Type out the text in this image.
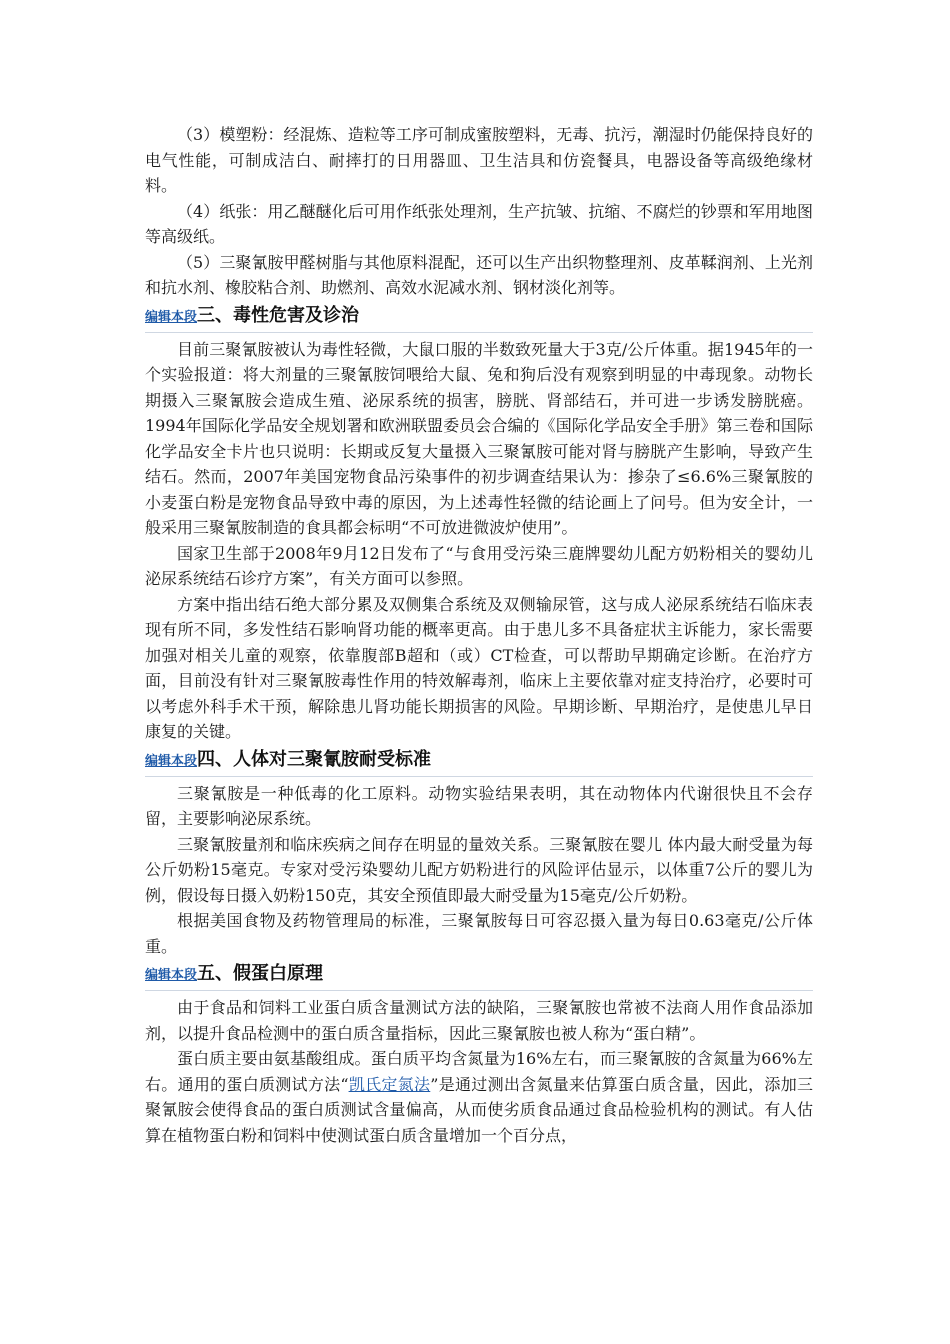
（3）模塑粉：经混炼、造粒等工序可制成蜜胺塑料，无毒、抗污，潮湿时仍能保持良好的电气性能，可制成洁白、耐摔打的日用器皿、卫生洁具和仿瓷餐具，电器设备等高级绝缘材料。

（4）纸张：用乙醚醚化后可用作纸张处理剂，生产抗皱、抗缩、不腐烂的钞票和军用地图等高级纸。

（5）三聚氰胺甲醛树脂与其他原料混配，还可以生产出织物整理剂、皮革鞣润剂、上光剂和抗水剂、橡胶粘合剂、助燃剂、高效水泥减水剂、钢材淡化剂等。

编辑本段 三、毒性危害及诊治

目前三聚氰胺被认为毒性轻微，大鼠口服的半数致死量大于3克/公斤体重。据1945年的一个实验报道：将大剂量的三聚氰胺饲喂给大鼠、兔和狗后没有观察到明显的中毒现象。动物长期摄入三聚氰胺会造成生殖、泌尿系统的损害，膀胱、肾部结石，并可进一步诱发膀胱癌。1994年国际化学品安全规划署和欧洲联盟委员会合编的《国际化学品安全手册》第三卷和国际化学品安全卡片也只说明：长期或反复大量摄入三聚氰胺可能对肾与膀胱产生影响，导致产生结石。然而，2007年美国宠物食品污染事件的初步调查结果认为：掺杂了≤6.6%三聚氰胺的小麦蛋白粉是宠物食品导致中毒的原因，为上述毒性轻微的结论画上了问号。但为安全计，一般采用三聚氰胺制造的食具都会标明“不可放进微波炉使用”。

国家卫生部于2008年9月12日发布了“与食用受污染三鹿牌婴幼儿配方奶粉相关的婴幼儿泌尿系统结石诊疗方案”，有关方面可以参照。

方案中指出结石绝大部分累及双侧集合系统及双侧输尿管，这与成人泌尿系统结石临床表现有所不同，多发性结石影响肾功能的概率更高。由于患儿多不具备症状主诉能力，家长需要加强对相关儿童的观察，依靠腹部B超和（或）CT检查，可以帮助早期确定诊断。在治疗方面，目前没有针对三聚氰胺毒性作用的特效解毒剂，临床上主要依靠对症支持治疗，必要时可以考虑外科手术干预，解除患儿肾功能长期损害的风险。早期诊断、早期治疗，是使患儿早日康复的关键。

编辑本段 四、人体对三聚氰胺耐受标准

三聚氰胺是一种低毒的化工原料。动物实验结果表明，其在动物体内代谢很快且不会存留，主要影响泌尿系统。

三聚氰胺量剂和临床疾病之间存在明显的量效关系。三聚氰胺在婴儿 体内最大耐受量为每公斤奶粉15毫克。专家对受污染婴幼儿配方奶粉进行的风险评估显示，以体重7公斤的婴儿为例，假设每日摄入奶粉150克，其安全预值即最大耐受量为15毫克/公斤奶粉。

根据美国食物及药物管理局的标准，三聚氰胺每日可容忍摄入量为每日0.63毫克/公斤体重。

编辑本段 五、假蛋白原理

由于食品和饲料工业蛋白质含量测试方法的缺陷，三聚氰胺也常被不法商人用作食品添加剂，以提升食品检测中的蛋白质含量指标，因此三聚氰胺也被人称为“蛋白精”。

蛋白质主要由氨基酸组成。蛋白质平均含氮量为16%左右，而三聚氰胺的含氮量为66%左右。通用的蛋白质测试方法“凯氏定氮法”是通过测出含氮量来估算蛋白质含量，因此，添加三聚氰胺会使得食品的蛋白质测试含量偏高，从而使劣质食品通过食品检验机构的测试。有人估算在植物蛋白粉和饲料中使测试蛋白质含量增加一个百分点，
